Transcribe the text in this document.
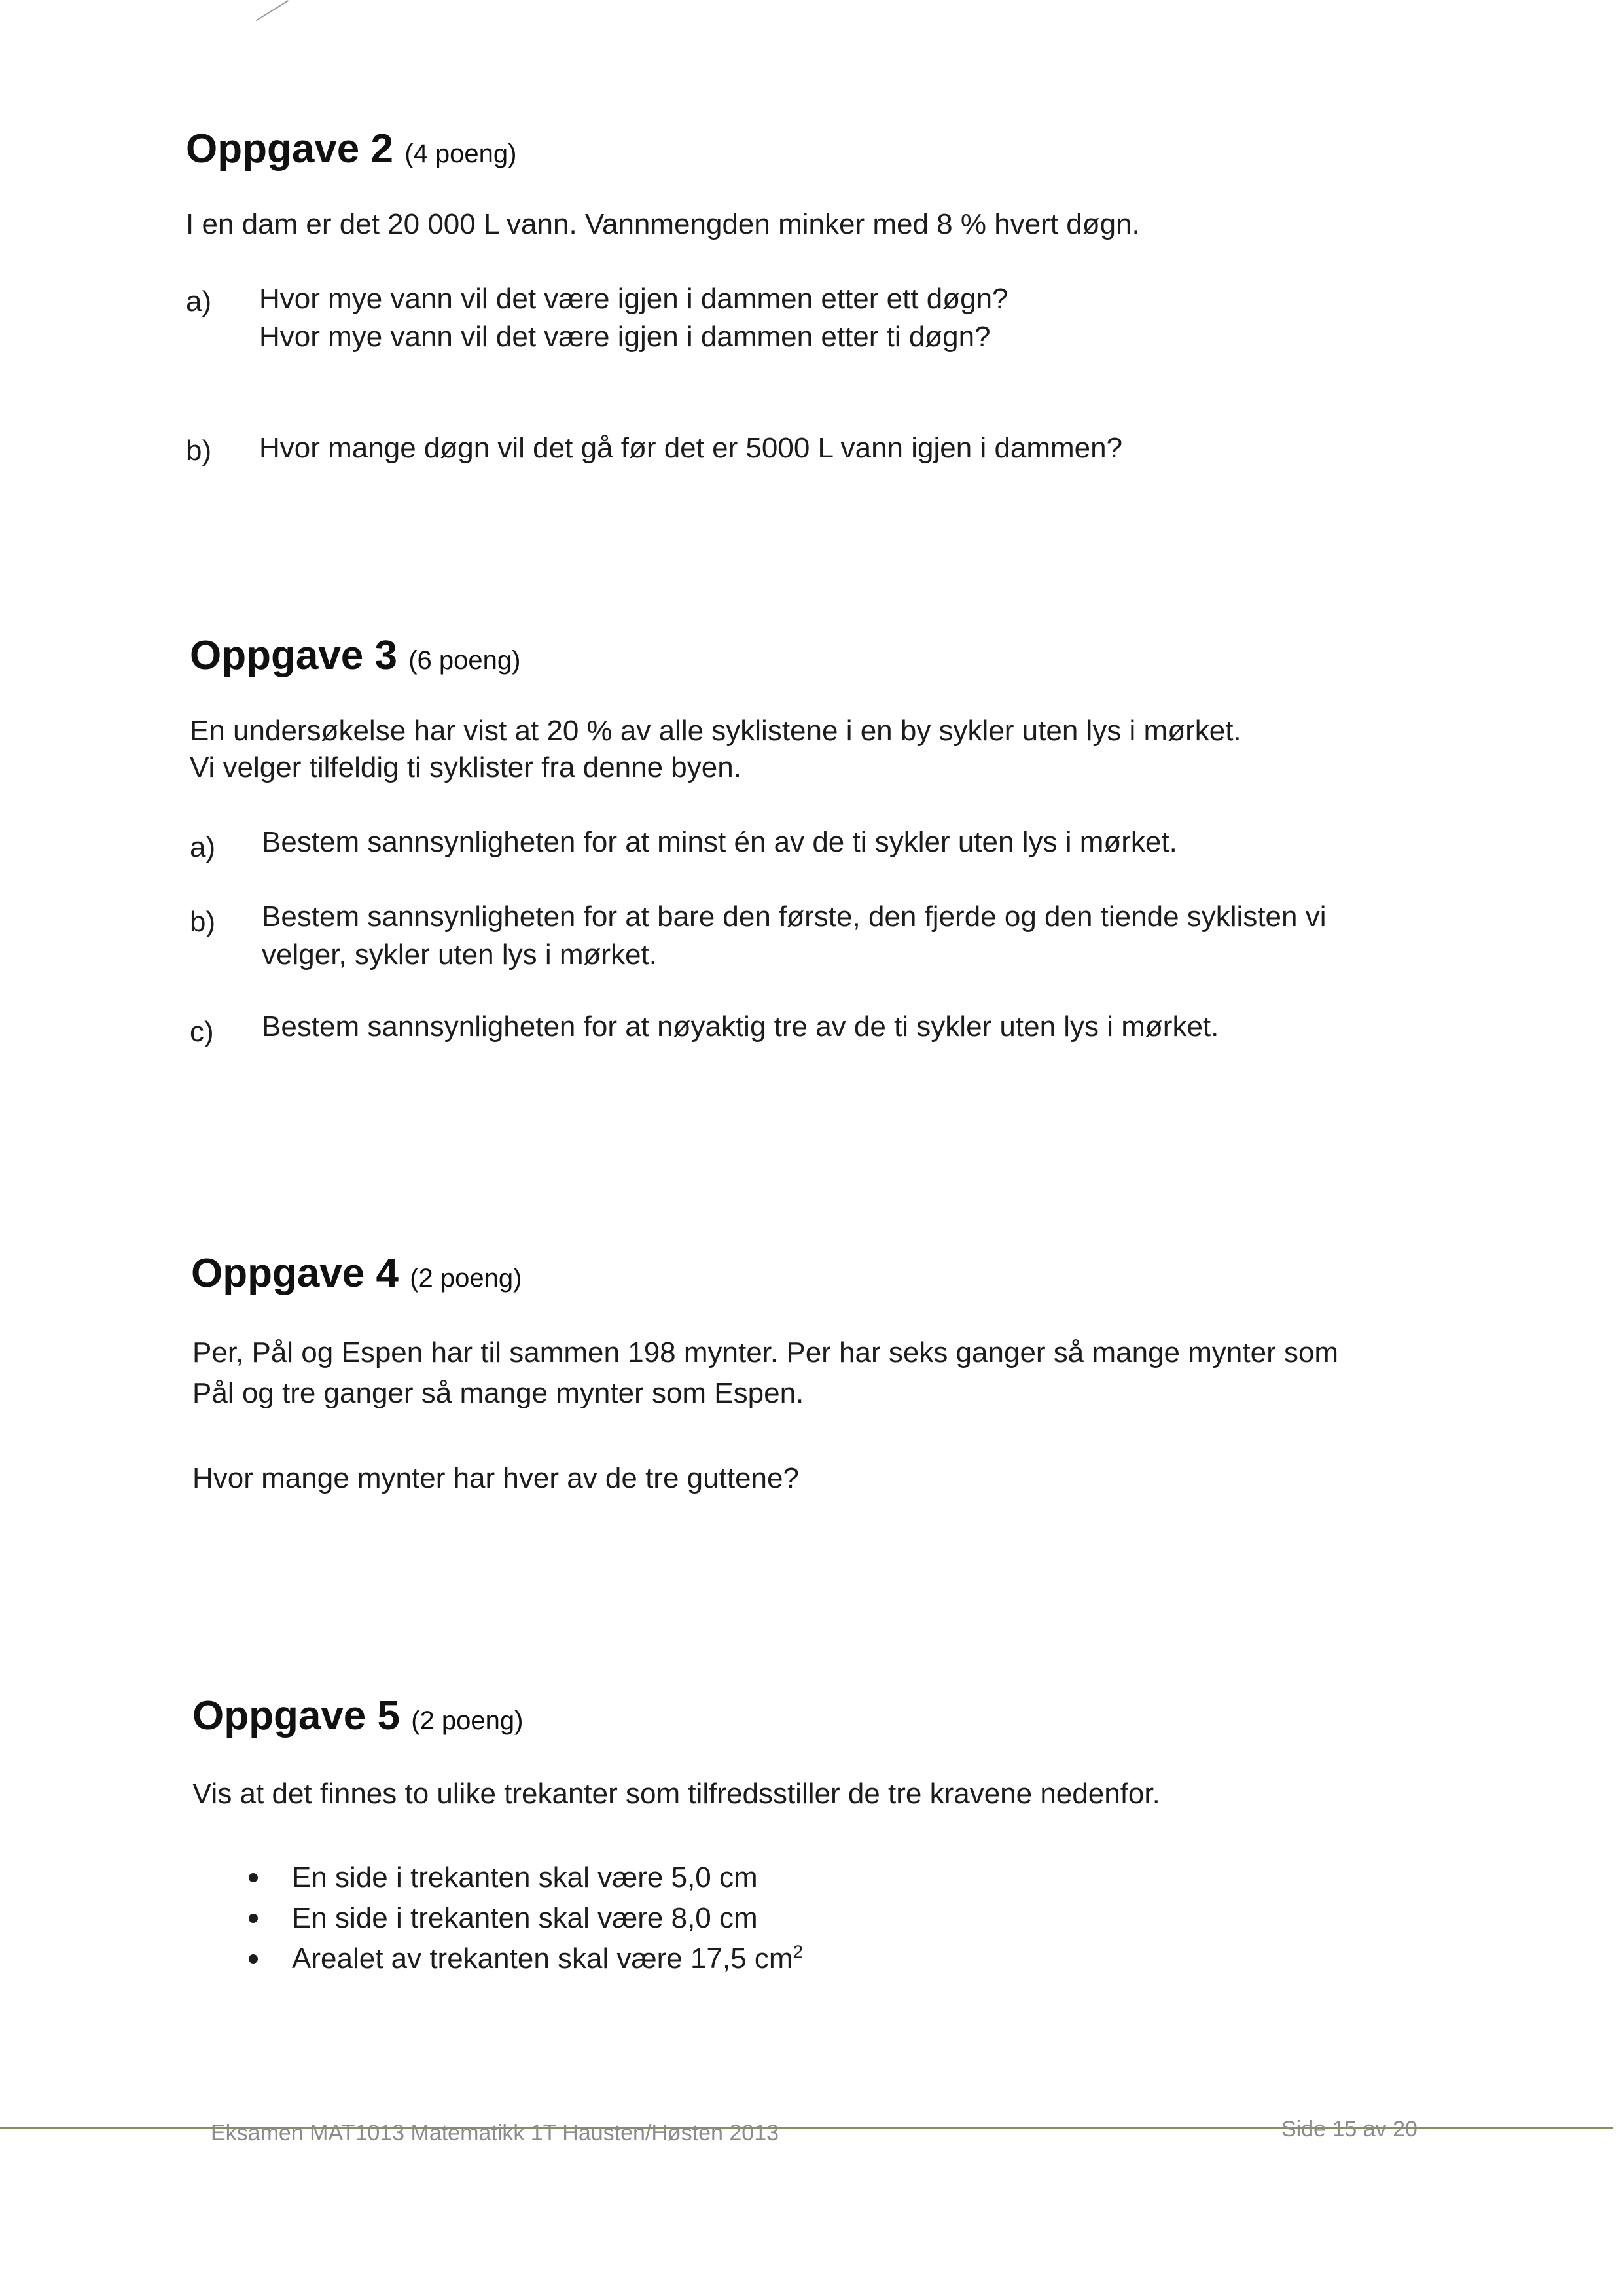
Oppgave 2 (4 poeng)
I en dam er det 20 000 L vann. Vannmengden minker med 8 % hvert døgn.
a) Hvor mye vann vil det være igjen i dammen etter ett døgn?
Hvor mye vann vil det være igjen i dammen etter ti døgn?
b) Hvor mange døgn vil det gå før det er 5000 L vann igjen i dammen?
Oppgave 3 (6 poeng)
En undersøkelse har vist at 20 % av alle syklistene i en by sykler uten lys i mørket.
Vi velger tilfeldig ti syklister fra denne byen.
a) Bestem sannsynligheten for at minst én av de ti sykler uten lys i mørket.
b) Bestem sannsynligheten for at bare den første, den fjerde og den tiende syklisten vi
velger, sykler uten lys i mørket.
c) Bestem sannsynligheten for at nøyaktig tre av de ti sykler uten lys i mørket.
Oppgave 4 (2 poeng)
Per, Pål og Espen har til sammen 198 mynter. Per har seks ganger så mange mynter som
Pål og tre ganger så mange mynter som Espen.
Hvor mange mynter har hver av de tre guttene?
Oppgave 5 (2 poeng)
Vis at det finnes to ulike trekanter som tilfredsstiller de tre kravene nedenfor.
En side i trekanten skal være 5,0 cm
En side i trekanten skal være 8,0 cm
Arealet av trekanten skal være 17,5 $cm^2$
Eksamen MAT1013 Matematikk 1T Hausten/Høsten 2013	Side 15 av 20
